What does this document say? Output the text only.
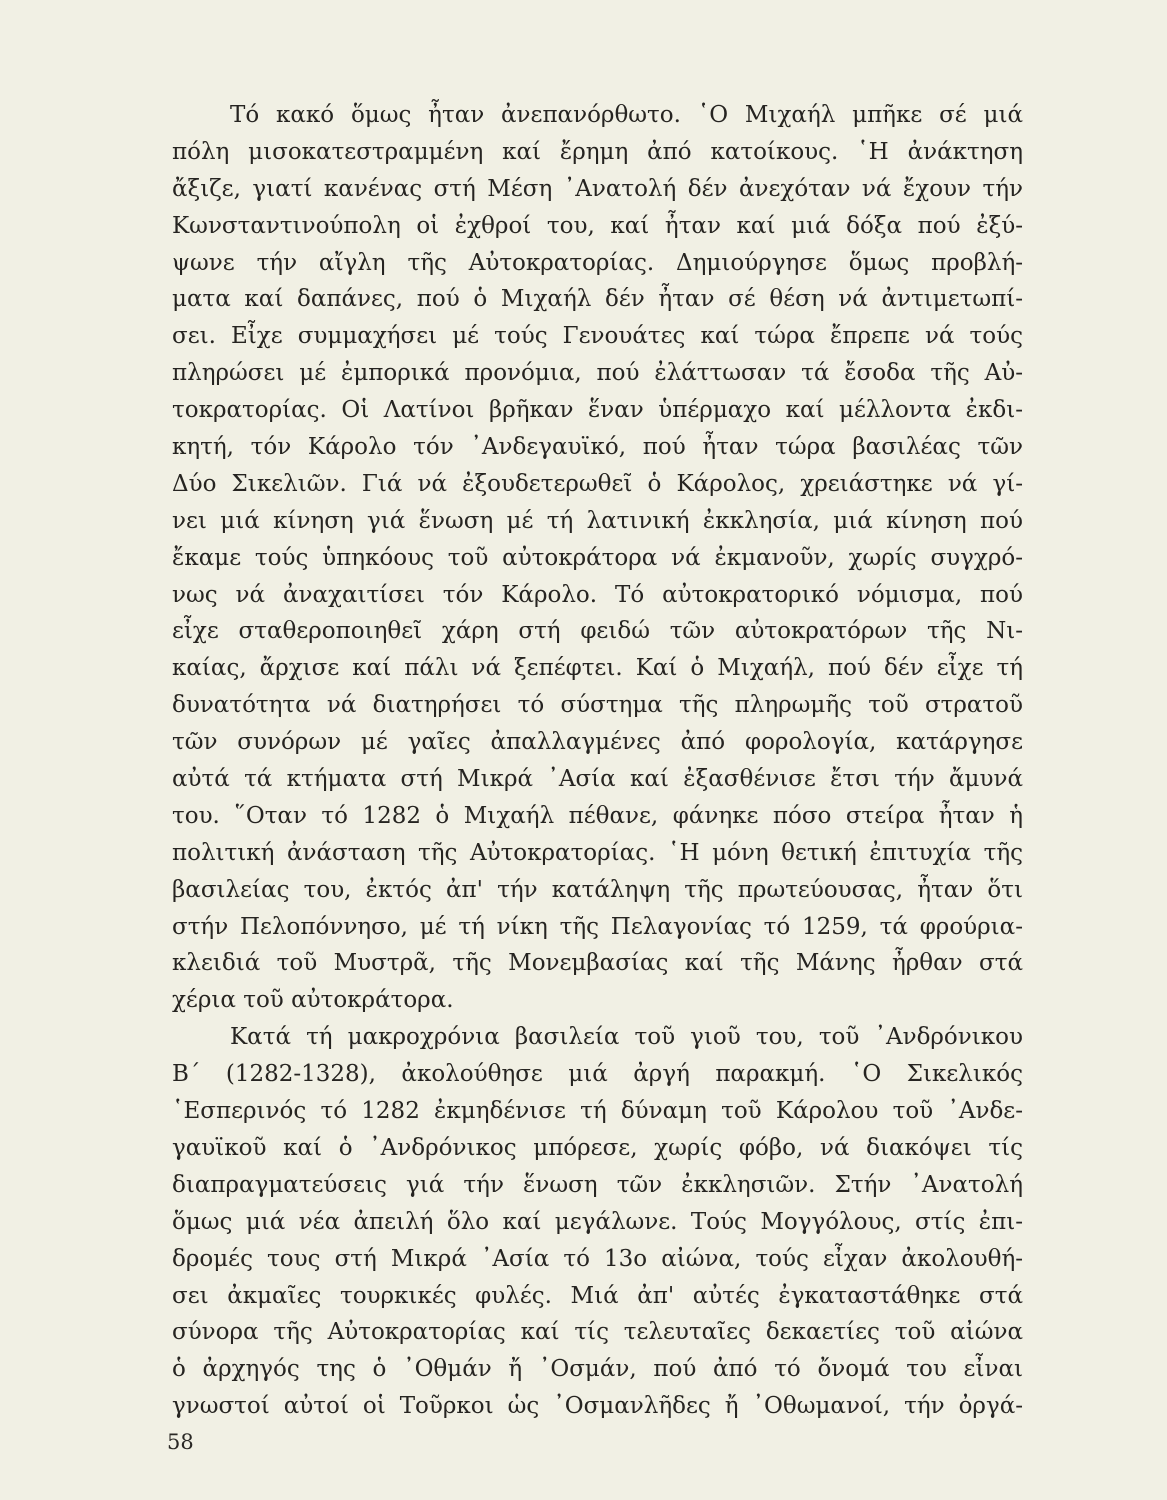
Τό κακό ὅμως ἦταν ἀνεπανόρθωτο. ῾Ο Μιχαήλ μπῆκε σέ μιά
πόλη μισοκατεστραμμένη καί ἔρημη ἀπό κατοίκους. ῾Η ἀνάκτηση
ἄξιζε, γιατί κανένας στή Μέση ᾿Ανατολή δέν ἀνεχόταν νά ἔχουν τήν
Κωνσταντινούπολη οἱ ἐχθροί του, καί ἦταν καί μιά δόξα πού ἐξύ-
ψωνε τήν αἴγλη τῆς Αὐτοκρατορίας. Δημιούργησε ὅμως προβλή-
ματα καί δαπάνες, πού ὁ Μιχαήλ δέν ἦταν σέ θέση νά ἀντιμετωπί-
σει. Εἶχε συμμαχήσει μέ τούς Γενουάτες καί τώρα ἔπρεπε νά τούς
πληρώσει μέ ἐμπορικά προνόμια, πού ἐλάττωσαν τά ἔσοδα τῆς Αὐ-
τοκρατορίας. Οἱ Λατίνοι βρῆκαν ἕναν ὑπέρμαχο καί μέλλοντα ἐκδι-
κητή, τόν Κάρολο τόν ᾿Ανδεγαυϊκό, πού ἦταν τώρα βασιλέας τῶν
Δύο Σικελιῶν. Γιά νά ἐξουδετερωθεῖ ὁ Κάρολος, χρειάστηκε νά γί-
νει μιά κίνηση γιά ἕνωση μέ τή λατινική ἐκκλησία, μιά κίνηση πού
ἔκαμε τούς ὑπηκόους τοῦ αὐτοκράτορα νά ἐκμανοῦν, χωρίς συγχρό-
νως νά ἀναχαιτίσει τόν Κάρολο. Τό αὐτοκρατορικό νόμισμα, πού
εἶχε σταθεροποιηθεῖ χάρη στή φειδώ τῶν αὐτοκρατόρων τῆς Νι-
καίας, ἄρχισε καί πάλι νά ξεπέφτει. Καί ὁ Μιχαήλ, πού δέν εἶχε τή
δυνατότητα νά διατηρήσει τό σύστημα τῆς πληρωμῆς τοῦ στρατοῦ
τῶν συνόρων μέ γαῖες ἀπαλλαγμένες ἀπό φορολογία, κατάργησε
αὐτά τά κτήματα στή Μικρά ᾿Ασία καί ἐξασθένισε ἔτσι τήν ἄμυνά
του. ῞Οταν τό 1282 ὁ Μιχαήλ πέθανε, φάνηκε πόσο στείρα ἦταν ἡ
πολιτική ἀνάσταση τῆς Αὐτοκρατορίας. ῾Η μόνη θετική ἐπιτυχία τῆς
βασιλείας του, ἐκτός ἀπ' τήν κατάληψη τῆς πρωτεύουσας, ἦταν ὅτι
στήν Πελοπόννησο, μέ τή νίκη τῆς Πελαγονίας τό 1259, τά φρούρια-
κλειδιά τοῦ Μυστρᾶ, τῆς Μονεμβασίας καί τῆς Μάνης ἦρθαν στά
χέρια τοῦ αὐτοκράτορα.
Κατά τή μακροχρόνια βασιλεία τοῦ γιοῦ του, τοῦ ᾿Ανδρόνικου
Β΄ (1282-1328), ἀκολούθησε μιά ἀργή παρακμή. ῾Ο Σικελικός
῾Εσπερινός τό 1282 ἐκμηδένισε τή δύναμη τοῦ Κάρολου τοῦ ᾿Ανδε-
γαυϊκοῦ καί ὁ ᾿Ανδρόνικος μπόρεσε, χωρίς φόβο, νά διακόψει τίς
διαπραγματεύσεις γιά τήν ἕνωση τῶν ἐκκλησιῶν. Στήν ᾿Ανατολή
ὅμως μιά νέα ἀπειλή ὅλο καί μεγάλωνε. Τούς Μογγόλους, στίς ἐπι-
δρομές τους στή Μικρά ᾿Ασία τό 13ο αἰώνα, τούς εἶχαν ἀκολουθή-
σει ἀκμαῖες τουρκικές φυλές. Μιά ἀπ' αὐτές ἐγκαταστάθηκε στά
σύνορα τῆς Αὐτοκρατορίας καί τίς τελευταῖες δεκαετίες τοῦ αἰώνα
ὁ ἀρχηγός της ὁ ᾿Οθμάν ἤ ᾿Οσμάν, πού ἀπό τό ὄνομά του εἶναι
γνωστοί αὐτοί οἱ Τοῦρκοι ὡς ᾿Οσμανλῆδες ἤ ᾿Οθωμανοί, τήν ὀργά-
58
